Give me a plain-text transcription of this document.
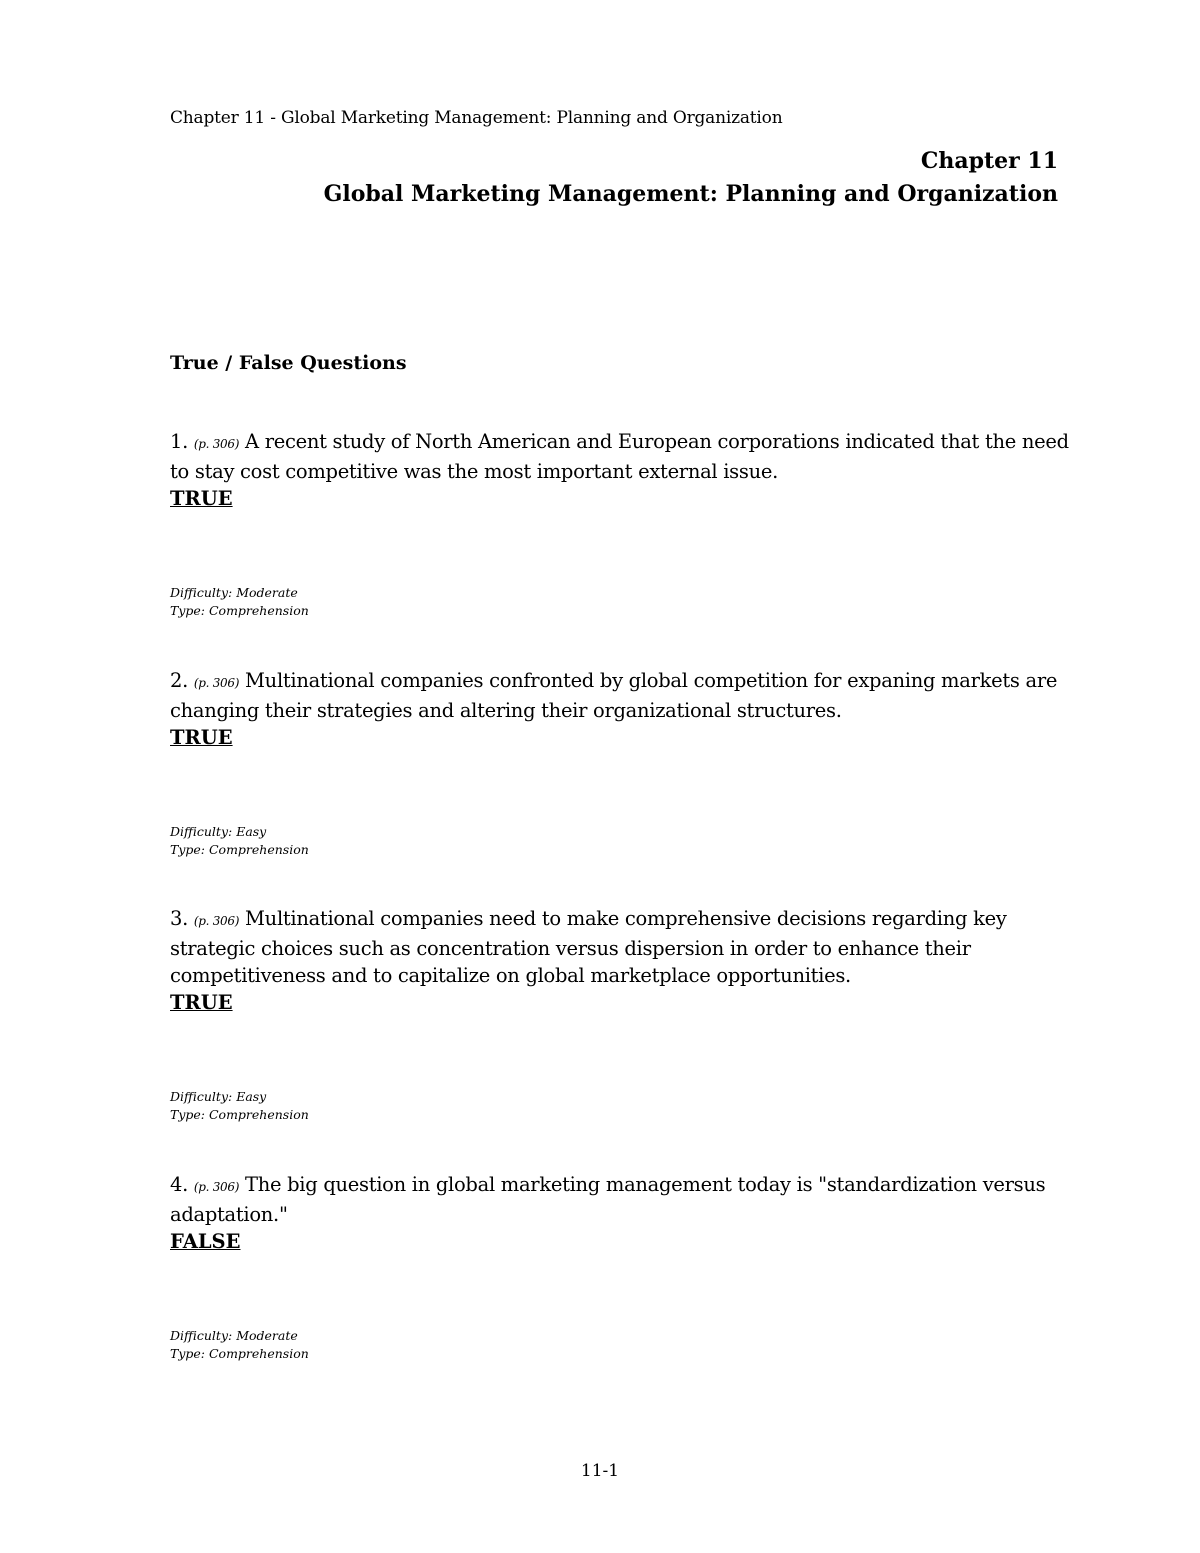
Chapter 11 - Global Marketing Management: Planning and Organization
Chapter 11
Global Marketing Management: Planning and Organization
True / False Questions
1. (p. 306) A recent study of North American and European corporations indicated that the need
to stay cost competitive was the most important external issue.
TRUE
Difficulty: Moderate
Type: Comprehension
2. (p. 306) Multinational companies confronted by global competition for expaning markets are
changing their strategies and altering their organizational structures.
TRUE
Difficulty: Easy
Type: Comprehension
3. (p. 306) Multinational companies need to make comprehensive decisions regarding key
strategic choices such as concentration versus dispersion in order to enhance their
competitiveness and to capitalize on global marketplace opportunities.
TRUE
Difficulty: Easy
Type: Comprehension
4. (p. 306) The big question in global marketing management today is "standardization versus
adaptation."
FALSE
Difficulty: Moderate
Type: Comprehension
11-1
